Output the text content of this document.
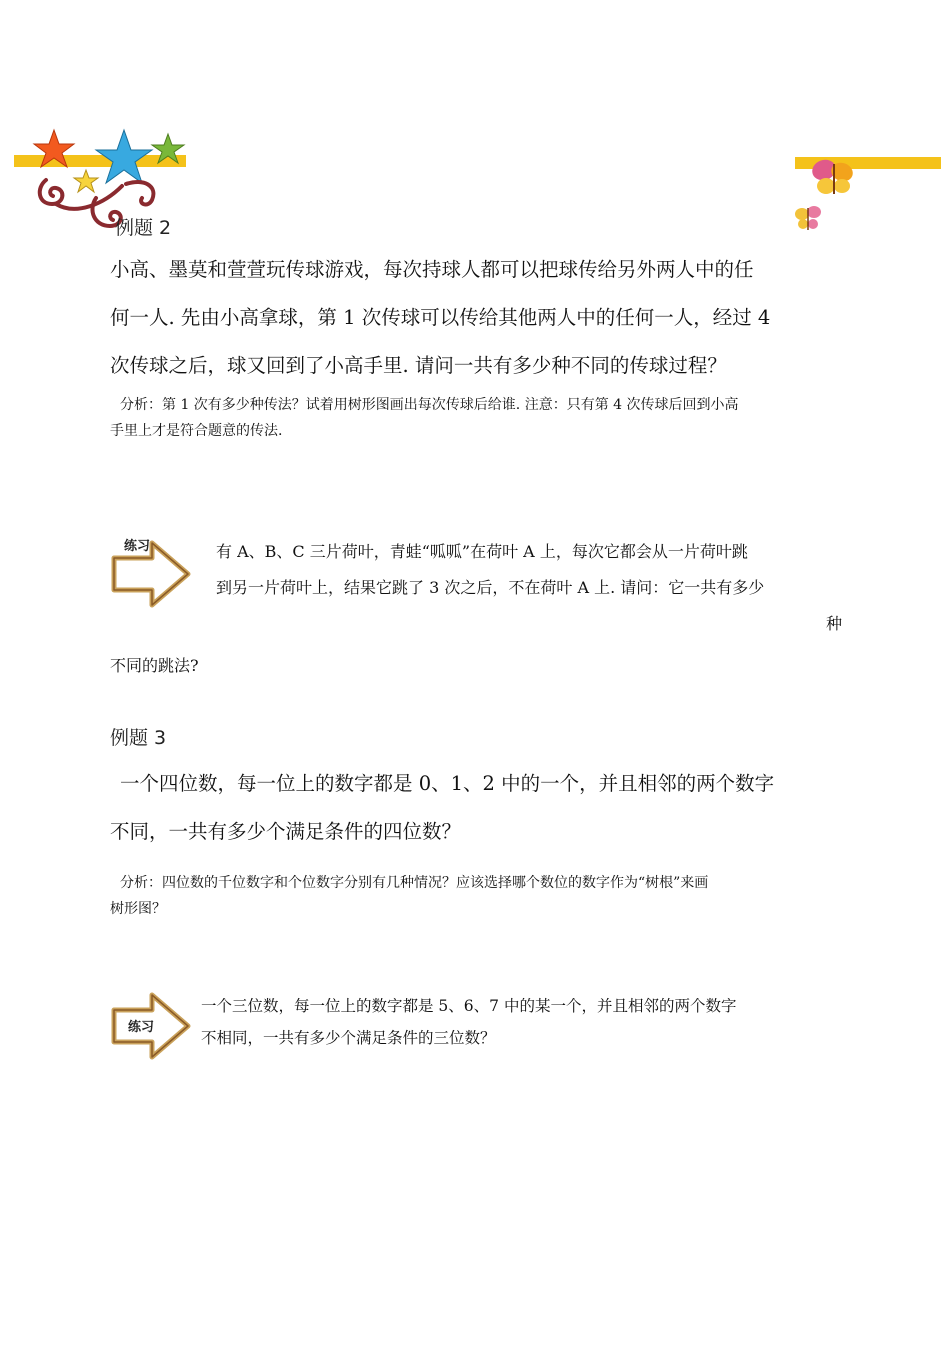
例题 2
小高、墨莫和萱萱玩传球游戏，每次持球人都可以把球传给另外两人中的任
何一人. 先由小高拿球，第 1 次传球可以传给其他两人中的任何一人，经过 4
次传球之后，球又回到了小高手里. 请问一共有多少种不同的传球过程？
分析：第 1 次有多少种传法？试着用树形图画出每次传球后给谁. 注意：只有第 4 次传球后回到小高
手里上才是符合题意的传法.
练习	有 A、B、C 三片荷叶，青蛙“呱呱”在荷叶 A 上，每次它都会从一片荷叶跳
到另一片荷叶上，结果它跳了 3 次之后，不在荷叶 A 上. 请问：它一共有多少
种
不同的跳法?
例题 3
一个四位数，每一位上的数字都是 0、1、2 中的一个，并且相邻的两个数字
不同，一共有多少个满足条件的四位数？
分析：四位数的千位数字和个位数字分别有几种情况？应该选择哪个数位的数字作为“树根”来画
树形图？
练习
一个三位数，每一位上的数字都是 5、6、7 中的某一个，并且相邻的两个数字
不相同，一共有多少个满足条件的三位数？
